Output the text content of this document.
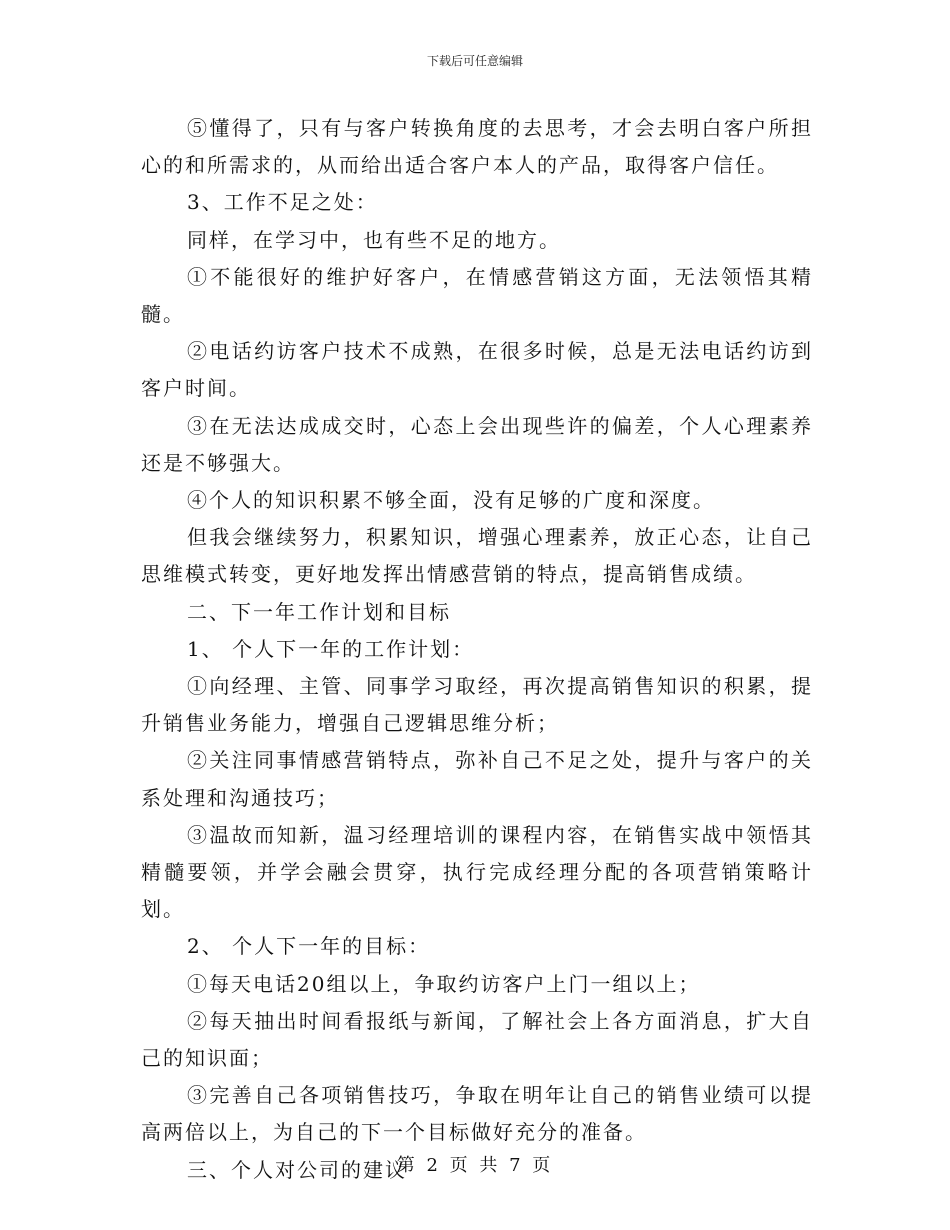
下载后可任意编辑

⑤懂得了，只有与客户转换角度的去思考，才会去明白客户所担心的和所需求的，从而给出适合客户本人的产品，取得客户信任。

3、工作不足之处：

同样，在学习中，也有些不足的地方。

①不能很好的维护好客户，在情感营销这方面，无法领悟其精髓。

②电话约访客户技术不成熟，在很多时候，总是无法电话约访到客户时间。

③在无法达成成交时，心态上会出现些许的偏差，个人心理素养还是不够强大。

④个人的知识积累不够全面，没有足够的广度和深度。

但我会继续努力，积累知识，增强心理素养，放正心态，让自己思维模式转变，更好地发挥出情感营销的特点，提高销售成绩。

二、下一年工作计划和目标

1、 个人下一年的工作计划：

①向经理、主管、同事学习取经，再次提高销售知识的积累，提升销售业务能力，增强自己逻辑思维分析；

②关注同事情感营销特点，弥补自己不足之处，提升与客户的关系处理和沟通技巧；

③温故而知新，温习经理培训的课程内容，在销售实战中领悟其精髓要领，并学会融会贯穿，执行完成经理分配的各项营销策略计划。

2、 个人下一年的目标：

①每天电话20组以上，争取约访客户上门一组以上；

②每天抽出时间看报纸与新闻，了解社会上各方面消息，扩大自己的知识面；

③完善自己各项销售技巧，争取在明年让自己的销售业绩可以提高两倍以上，为自己的下一个目标做好充分的准备。

三、个人对公司的建议

第 2 页 共 7 页
